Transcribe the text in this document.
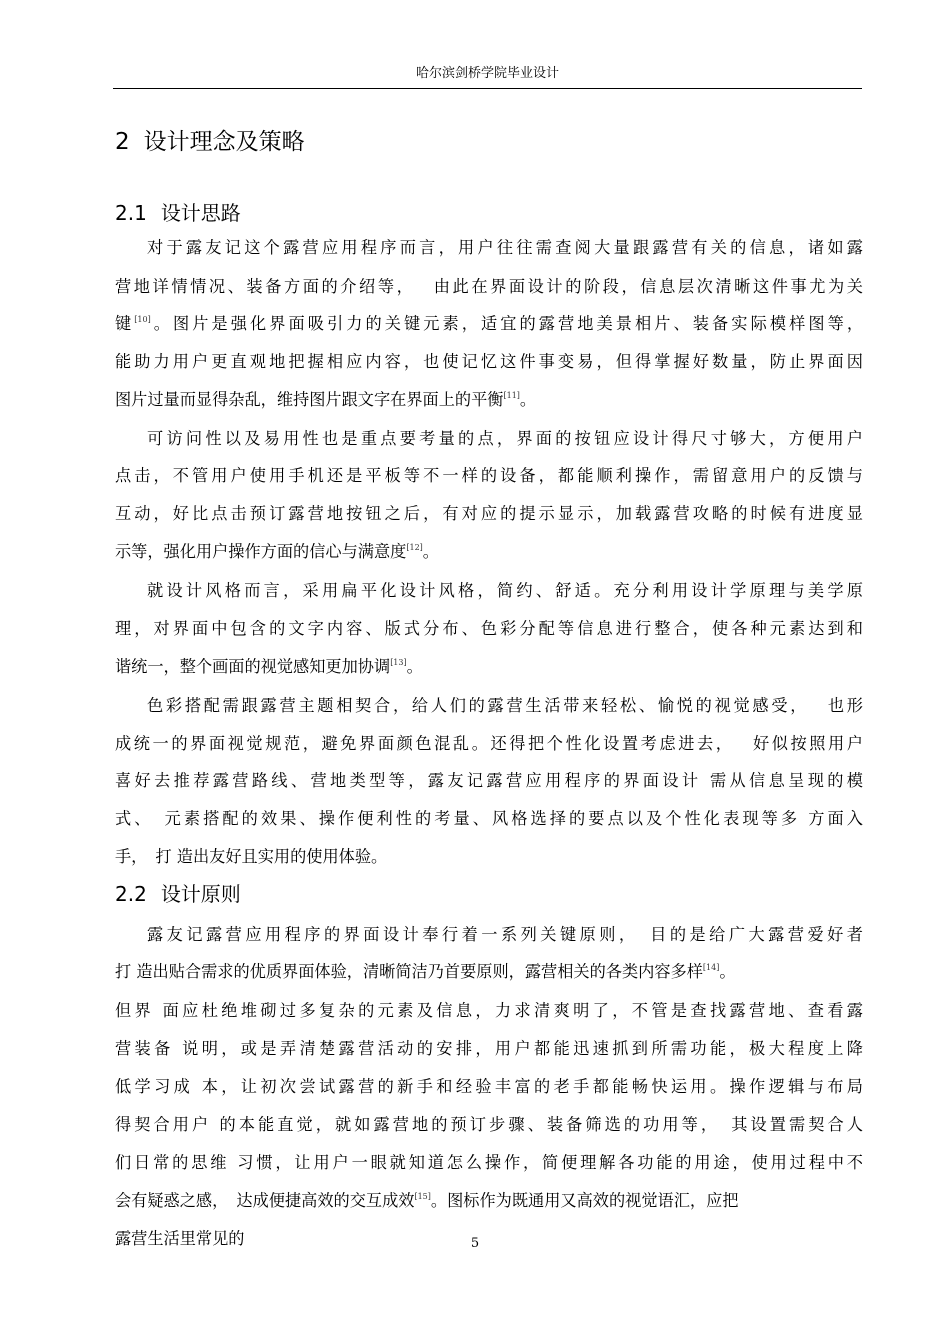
哈尔滨剑桥学院毕业设计
2 设计理念及策略
2.1 设计思路
对于露友记这个露营应用程序而言，用户往往需查阅大量跟露营有关的信息，诸如露
营地详情情况、装备方面的介绍等，　 由此在界面设计的阶段，信息层次清晰这件事尤为关
键[10]。图片是强化界面吸引力的关键元素，适宜的露营地美景相片、装备实际模样图等，
能助力用户更直观地把握相应内容，也使记忆这件事变易，但得掌握好数量，防止界面因
图片过量而显得杂乱，维持图片跟文字在界面上的平衡[11]。
可访问性以及易用性也是重点要考量的点，界面的按钮应设计得尺寸够大，方便用户
点击，不管用户使用手机还是平板等不一样的设备，都能顺利操作，需留意用户的反馈与
互动，好比点击预订露营地按钮之后，有对应的提示显示，加载露营攻略的时候有进度显
示等，强化用户操作方面的信心与满意度[12]。
就设计风格而言，采用扁平化设计风格，简约、舒适。充分利用设计学原理与美学原
理，对界面中包含的文字内容、版式分布、色彩分配等信息进行整合，使各种元素达到和
谐统一，整个画面的视觉感知更加协调[13]。
色彩搭配需跟露营主题相契合，给人们的露营生活带来轻松、愉悦的视觉感受，　 也形
成统一的界面视觉规范，避免界面颜色混乱。还得把个性化设置考虑进去，　 好似按照用户
喜好去推荐露营路线、营地类型等，露友记露营应用程序的界面设计 需从信息呈现的模
式、　元素搭配的效果、操作便利性的考量、风格选择的要点以及个性化表现等多 方面入
手，　打 造出友好且实用的使用体验。
2.2 设计原则
露友记露营应用程序的界面设计奉行着一系列关键原则，　目的是给广大露营爱好者
打 造出贴合需求的优质界面体验，清晰简洁乃首要原则，露营相关的各类内容多样[14]。
但界 面应杜绝堆砌过多复杂的元素及信息，力求清爽明了，不管是查找露营地、查看露
营装备 说明，或是弄清楚露营活动的安排，用户都能迅速抓到所需功能，极大程度上降
低学习成 本，让初次尝试露营的新手和经验丰富的老手都能畅快运用。操作逻辑与布局
得契合用户 的本能直觉，就如露营地的预订步骤、装备筛选的功用等，　其设置需契合人
们日常的思维 习惯，让用户一眼就知道怎么操作，简便理解各功能的用途，使用过程中不
会有疑惑之感，　达成便捷高效的交互成效[15]。图标作为既通用又高效的视觉语汇，应把
露营生活里常见的	5
